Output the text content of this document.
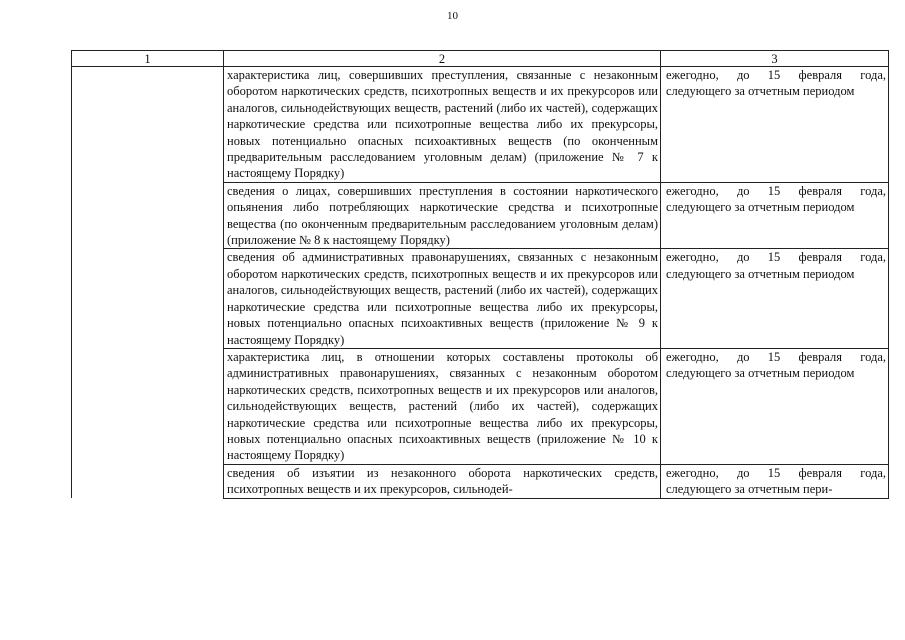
10
1	2	3
	характеристика лиц, совершивших преступления, связанные с незаконным оборотом наркотических средств, психотропных веществ и их прекурсоров или аналогов, сильнодействующих веществ, растений (либо их частей), содержащих наркотические средства или психотропные вещества либо их прекурсоры, новых потенциально опасных психоактивных веществ (по оконченным предварительным расследованием уголовным делам) (приложение № 7 к настоящему Порядку)	ежегодно, до 15 февраля года, следующего за отчетным периодом
	сведения о лицах, совершивших преступления в состоянии наркотического опьянения либо потребляющих наркотические средства и психотропные вещества (по оконченным предварительным расследованием уголовным делам) (приложение № 8 к настоящему Порядку)	ежегодно, до 15 февраля года, следующего за отчетным периодом
	сведения об административных правонарушениях, связанных с незаконным оборотом наркотических средств, психотропных веществ и их прекурсоров или аналогов, сильнодействующих веществ, растений (либо их частей), содержащих наркотические средства или психотропные вещества либо их прекурсоры, новых потенциально опасных психоактивных веществ (приложение № 9 к настоящему Порядку)	ежегодно, до 15 февраля года, следующего за отчетным периодом
	характеристика лиц, в отношении которых составлены протоколы об административных правонарушениях, связанных с незаконным оборотом наркотических средств, психотропных веществ и их прекурсоров или аналогов, сильнодействующих веществ, растений (либо их частей), содержащих наркотические средства или психотропные вещества либо их прекурсоры, новых потенциально опасных психоактивных веществ (приложение № 10 к настоящему Порядку)	ежегодно, до 15 февраля года, следующего за отчетным периодом

	сведения об изъятии из незаконного оборота наркотических средств, психотропных веществ и их прекурсоров, сильнодей-	ежегодно, до 15 февраля года, следующего за отчетным пери-
